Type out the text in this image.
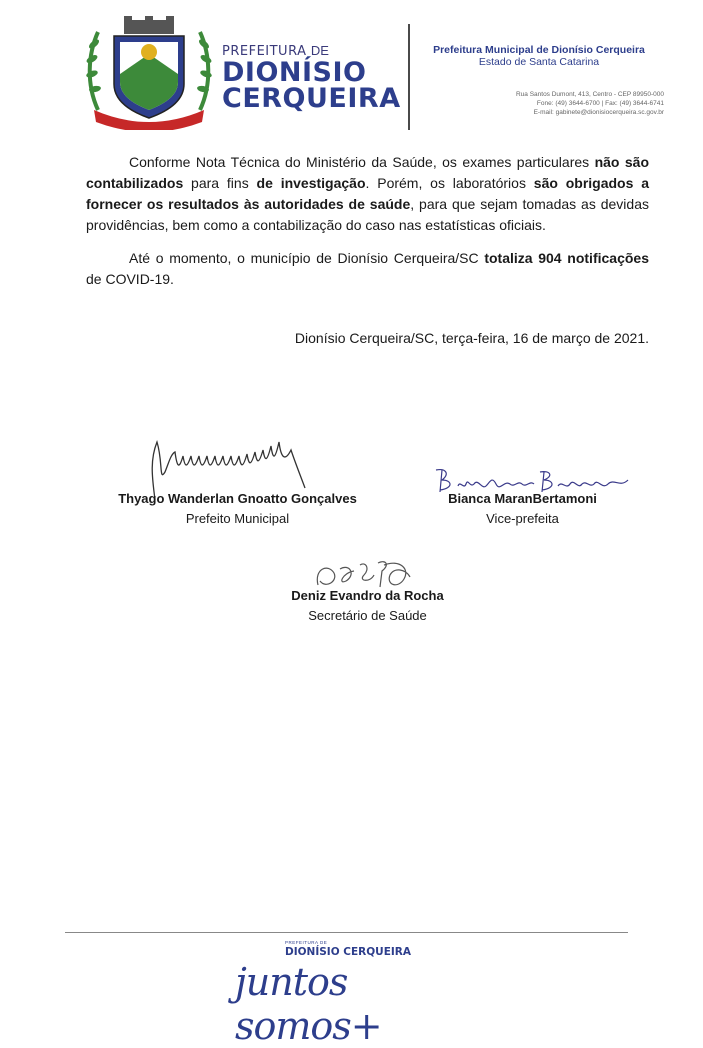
PREFEITURA DE
DIONÍSIO
CERQUEIRA
Prefeitura Municipal de Dionísio Cerqueira
Estado de Santa Catarina
Rua Santos Dumont, 413, Centro - CEP 89950-000
Fone: (49) 3644-6700 | Fax: (49) 3644-6741
E-mail: gabinete@dionisiocerqueira.sc.gov.br

Conforme Nota Técnica do Ministério da Saúde, os exames particulares não são contabilizados para fins de investigação. Porém, os laboratórios são obrigados a fornecer os resultados às autoridades de saúde, para que sejam tomadas as devidas providências, bem como a contabilização do caso nas estatísticas oficiais.

Até o momento, o município de Dionísio Cerqueira/SC totaliza 904 notificações de COVID-19.

Dionísio Cerqueira/SC, terça-feira, 16 de março de 2021.
Thyago Wanderlan Gnoatto Gonçalves
Prefeito Municipal
Bianca MaranBertamoni
Vice-prefeita
Deniz Evandro da Rocha
Secretário de Saúde
PREFEITURA DE
DIONÍSIO CERQUEIRA
juntos somos+
